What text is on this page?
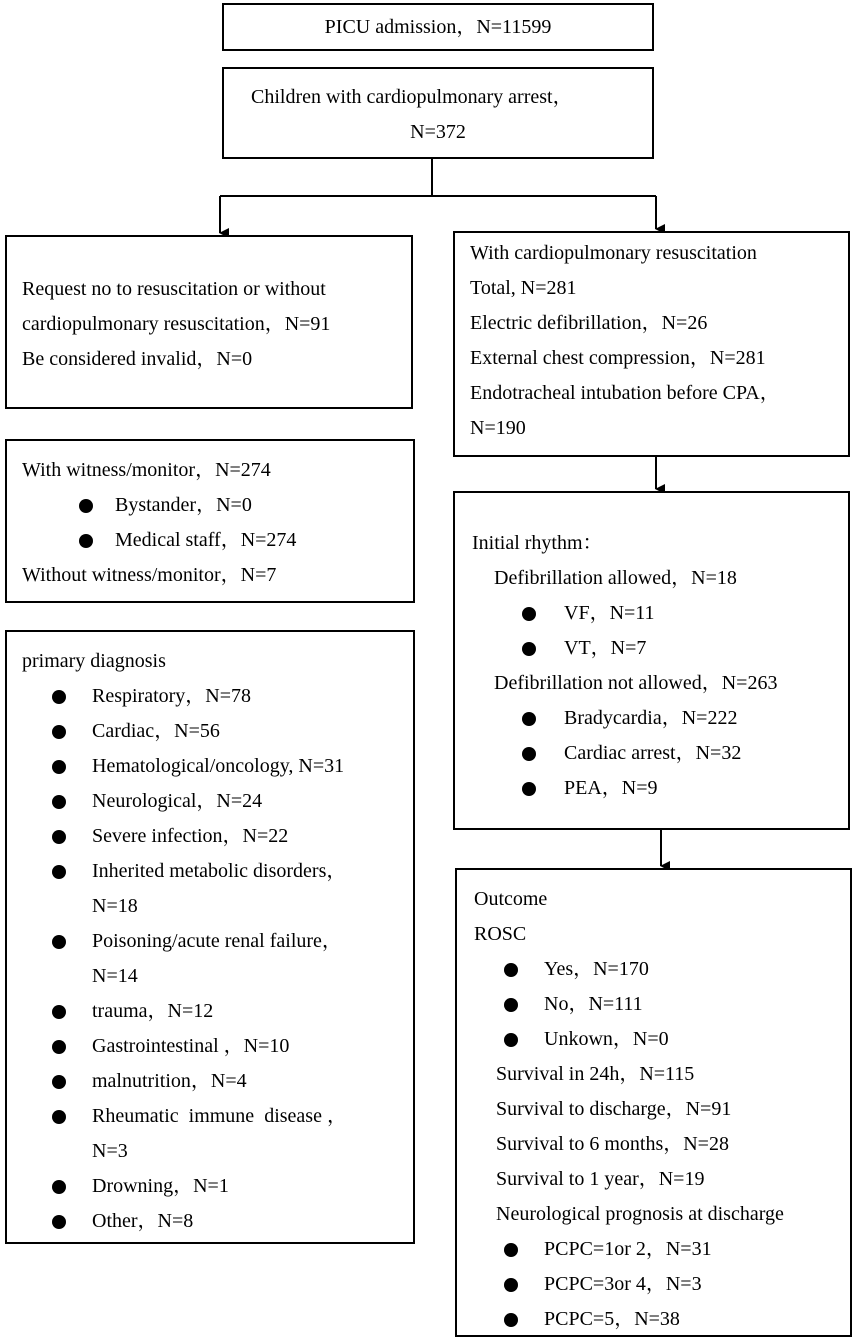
PICU admission，N=11599
Children with cardiopulmonary arrest，
N=372
Request no to resuscitation or without
cardiopulmonary resuscitation，N=91
Be considered invalid，N=0
With witness/monitor，N=274
Bystander，N=0
Medical staff，N=274
Without witness/monitor，N=7
primary diagnosis
Respiratory，N=78
Cardiac，N=56
Hematological/oncology, N=31
Neurological，N=24
Severe infection，N=22
Inherited metabolic disorders，
N=18
Poisoning/acute renal failure，
N=14
trauma，N=12
Gastrointestinal ，N=10
malnutrition，N=4
Rheumatic  immune  disease ，
N=3
Drowning，N=1
Other，N=8
With cardiopulmonary resuscitation
Total, N=281
Electric defibrillation，N=26
External chest compression，N=281
Endotracheal intubation before CPA，
N=190
Initial rhythm：
Defibrillation allowed，N=18
VF，N=11
VT，N=7
Defibrillation not allowed，N=263
Bradycardia，N=222
Cardiac arrest，N=32
PEA，N=9
Outcome
ROSC
Yes，N=170
No，N=111
Unkown，N=0
Survival in 24h，N=115
Survival to discharge，N=91
Survival to 6 months，N=28
Survival to 1 year，N=19
Neurological prognosis at discharge
PCPC=1or 2，N=31
PCPC=3or 4，N=3
PCPC=5，N=38
